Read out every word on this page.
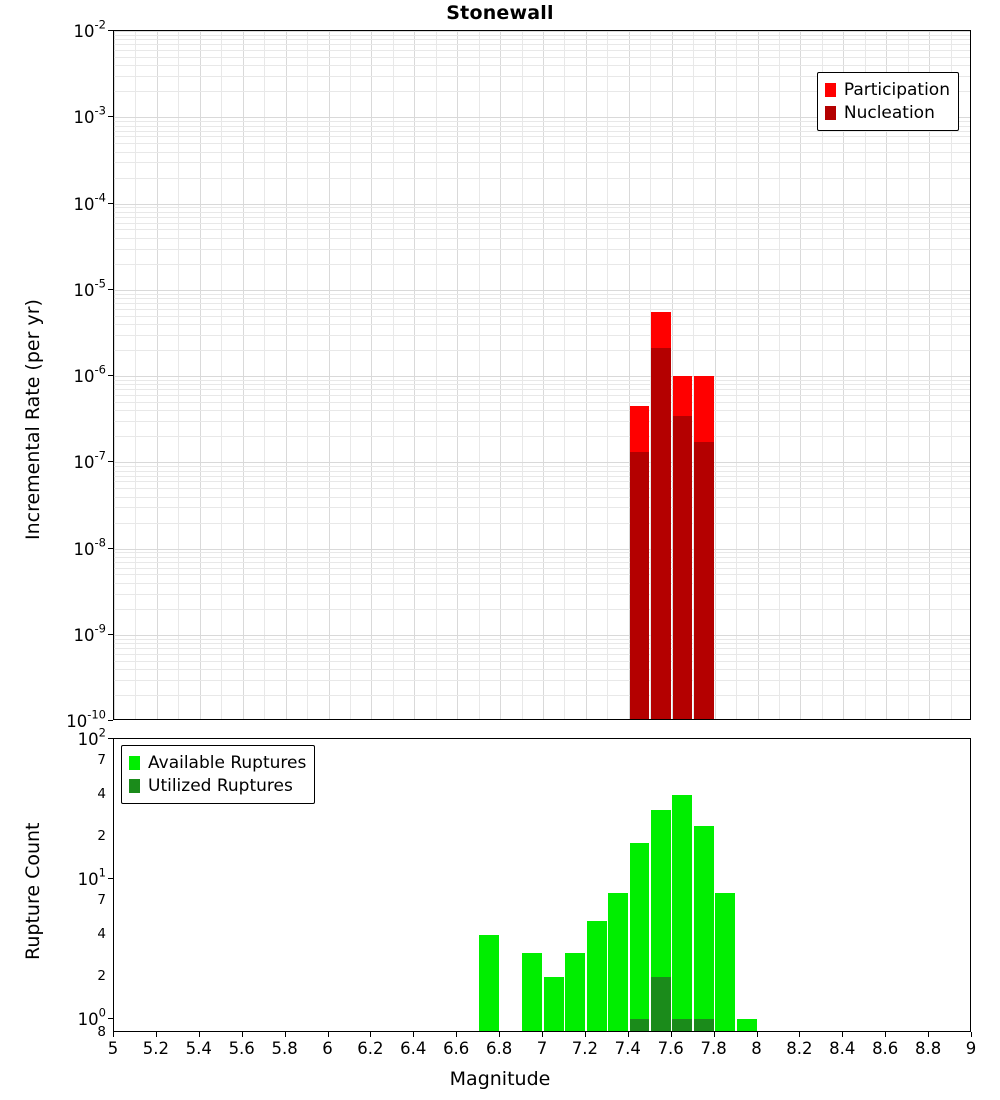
Stonewall
Participation
Nucleation
$10^{-2}$
$10^{-3}$
$10^{-4}$
$10^{-5}$
$10^{-6}$
$10^{-7}$
$10^{-8}$
$10^{-9}$
$10^{-10}$
Incremental Rate (per yr)
Available Ruptures
Utilized Ruptures
$10^2$
$10^1$
$10^0$
7
4
2
7
4
2
8
Rupture Count
5 5.2 5.4 5.6 5.8 6 6.2 6.4 6.6 6.8 7 7.2 7.4 7.6 7.8 8 8.2 8.4 8.6 8.8 9
Magnitude
